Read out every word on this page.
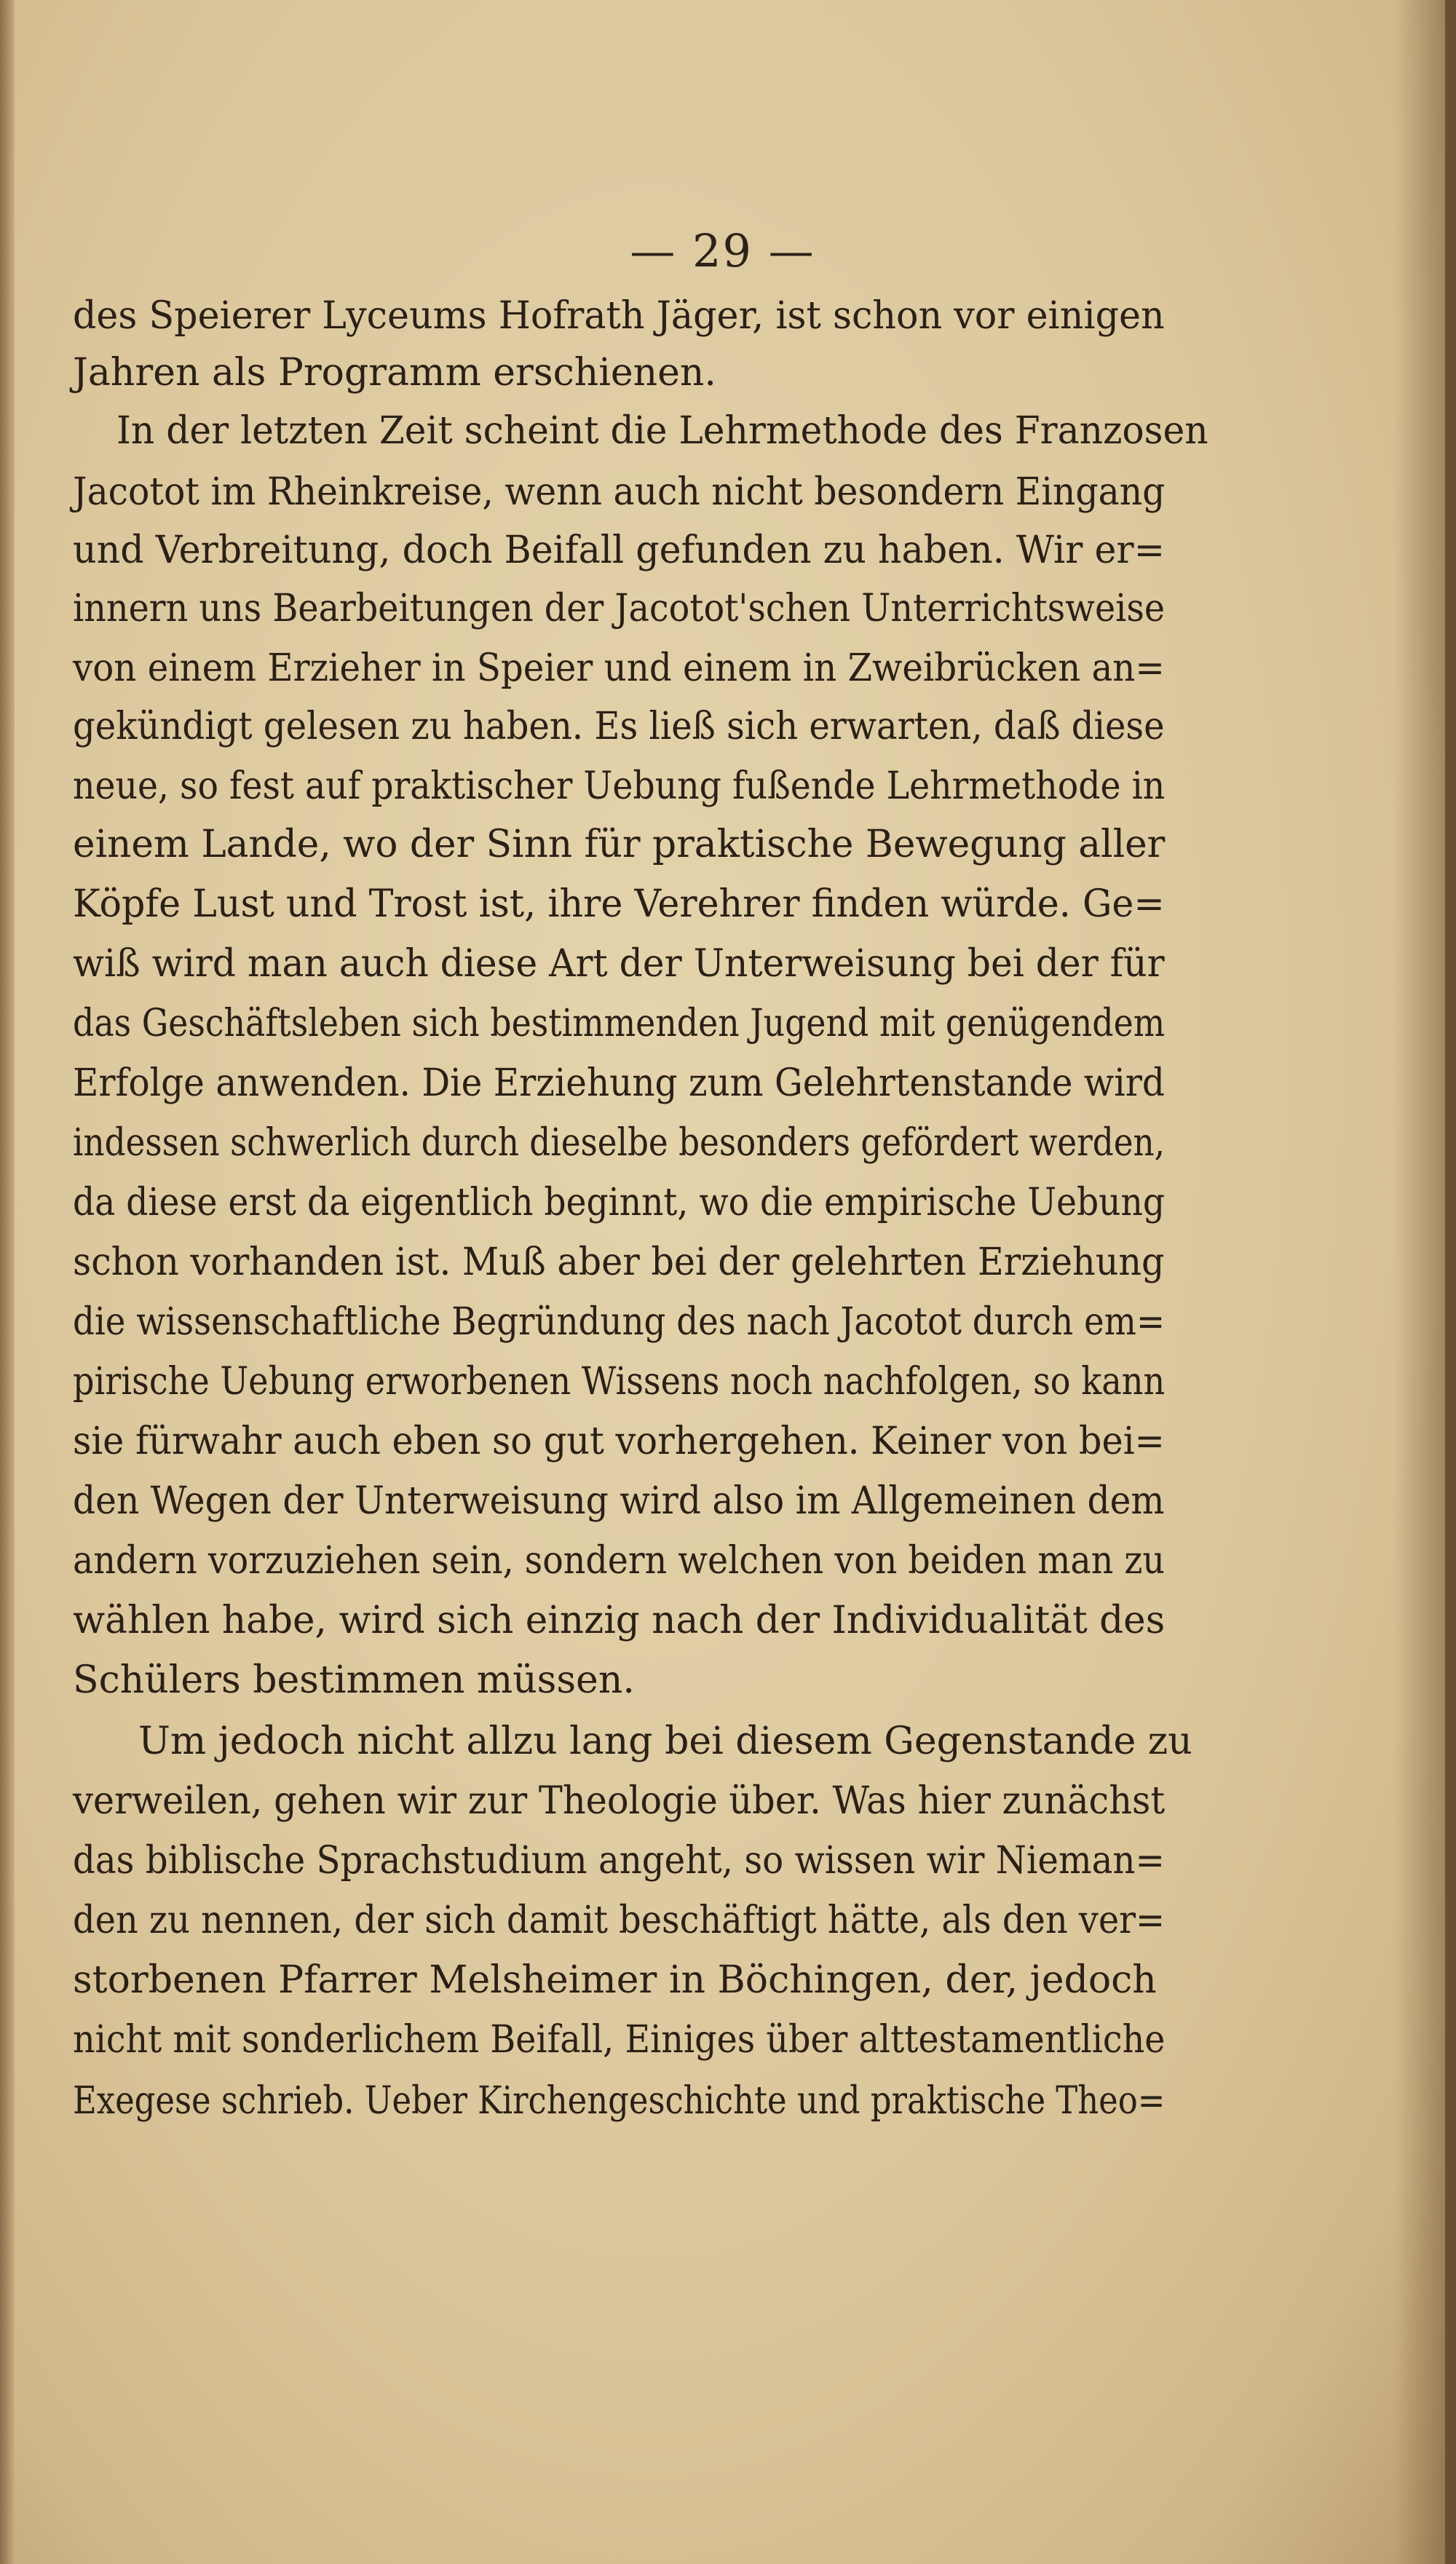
— 29 —

des Speierer Lyceums Hofrath Jäger, ist schon vor einigen

Jahren als Programm erschienen.

In der letzten Zeit scheint die Lehrmethode des Franzosen

Jacotot im Rheinkreise, wenn auch nicht besondern Eingang

und Verbreitung, doch Beifall gefunden zu haben. Wir er=

innern uns Bearbeitungen der Jacotot'schen Unterrichtsweise

von einem Erzieher in Speier und einem in Zweibrücken an=

gekündigt gelesen zu haben. Es ließ sich erwarten, daß diese

neue, so fest auf praktischer Uebung fußende Lehrmethode in

einem Lande, wo der Sinn für praktische Bewegung aller

Köpfe Lust und Trost ist, ihre Verehrer finden würde. Ge=

wiß wird man auch diese Art der Unterweisung bei der für

das Geschäftsleben sich bestimmenden Jugend mit genügendem

Erfolge anwenden. Die Erziehung zum Gelehrtenstande wird

indessen schwerlich durch dieselbe besonders gefördert werden,

da diese erst da eigentlich beginnt, wo die empirische Uebung

schon vorhanden ist. Muß aber bei der gelehrten Erziehung

die wissenschaftliche Begründung des nach Jacotot durch em=

pirische Uebung erworbenen Wissens noch nachfolgen, so kann

sie fürwahr auch eben so gut vorhergehen. Keiner von bei=

den Wegen der Unterweisung wird also im Allgemeinen dem

andern vorzuziehen sein, sondern welchen von beiden man zu

wählen habe, wird sich einzig nach der Individualität des

Schülers bestimmen müssen.

Um jedoch nicht allzu lang bei diesem Gegenstande zu

verweilen, gehen wir zur Theologie über. Was hier zunächst

das biblische Sprachstudium angeht, so wissen wir Nieman=

den zu nennen, der sich damit beschäftigt hätte, als den ver=

storbenen Pfarrer Melsheimer in Böchingen, der, jedoch

nicht mit sonderlichem Beifall, Einiges über alttestamentliche

Exegese schrieb. Ueber Kirchengeschichte und praktische Theo=
